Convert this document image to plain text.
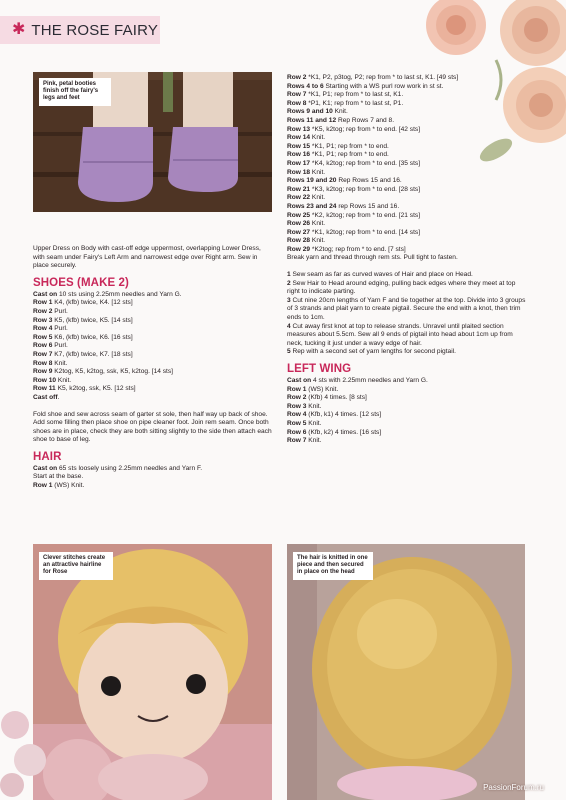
✱ THE ROSE FAIRY
Pink, petal booties finish off the fairy's legs and feet

Upper Dress on Body with cast-off edge uppermost, overlapping Lower Dress, with seam under Fairy's Left Arm and narrowest edge over Right arm. Sew in place securely.

SHOES (MAKE 2)

Cast on 10 sts using 2.25mm needles and Yarn G.

Row 1 K4, (kfb) twice, K4. [12 sts]

Row 2 Purl.

Row 3 K5, (kfb) twice, K5. [14 sts]

Row 4 Purl.

Row 5 K6, (kfb) twice, K6. [16 sts]

Row 6 Purl.

Row 7 K7, (kfb) twice, K7. [18 sts]

Row 8 Knit.

Row 9 K2tog, K5, k2tog, ssk, K5, k2tog. [14 sts]

Row 10 Knit.

Row 11 K5, k2tog, ssk, K5. [12 sts]

Cast off.

Fold shoe and sew across seam of garter st sole, then half way up back of shoe. Add some filling then place shoe on pipe cleaner foot. Join rem seam. Once both shoes are in place, check they are both sitting slightly to the side then attach each shoe to base of leg.

HAIR

Cast on 65 sts loosely using 2.25mm needles and Yarn F.

Start at the base.

Row 1 (WS) Knit.

Row 2 *K1, P2, p3tog, P2; rep from * to last st, K1. [49 sts]

Rows 4 to 6 Starting with a WS purl row work in st st.

Row 7 *K1, P1; rep from * to last st, K1.

Row 8 *P1, K1; rep from * to last st, P1.

Rows 9 and 10 Knit.

Rows 11 and 12 Rep Rows 7 and 8.

Row 13 *K5, k2tog; rep from * to end. [42 sts]

Row 14 Knit.

Row 15 *K1, P1; rep from * to end.

Row 16 *K1, P1; rep from * to end.

Row 17 *K4, k2tog; rep from * to end. [35 sts]

Row 18 Knit.

Rows 19 and 20 Rep Rows 15 and 16.

Row 21 *K3, k2tog; rep from * to end. [28 sts]

Row 22 Knit.

Rows 23 and 24 rep Rows 15 and 16.

Row 25 *K2, k2tog; rep from * to end. [21 sts]

Row 26 Knit.

Row 27 *K1, k2tog; rep from * to end. [14 sts]

Row 28 Knit.

Row 29 *K2tog; rep from * to end. [7 sts]

Break yarn and thread through rem sts. Pull tight to fasten.

1 Sew seam as far as curved waves of Hair and place on Head.

2 Sew Hair to Head around edging, pulling back edges where they meet at top right to indicate parting.

3 Cut nine 20cm lengths of Yarn F and tie together at the top. Divide into 3 groups of 3 strands and plait yarn to create pigtail. Secure the end with a knot, then trim ends to 1cm.

4 Cut away first knot at top to release strands. Unravel until plaited section measures about 5.5cm. Sew all 9 ends of pigtail into head about 1cm up from neck, tucking it just under a wavy edge of hair.

5 Rep with a second set of yarn lengths for second pigtail.

LEFT WING

Cast on 4 sts with 2.25mm needles and Yarn G.

Row 1 (WS) Knit.

Row 2 (Kfb) 4 times. [8 sts]

Row 3 Knit.

Row 4 (Kfb, k1) 4 times. [12 sts]

Row 5 Knit.

Row 6 (Kfb, k2) 4 times. [16 sts]

Row 7 Knit.

Clever stitches create an attractive hairline for Rose
The hair is knitted in one piece and then secured in place on the head
PassionForum.ru
